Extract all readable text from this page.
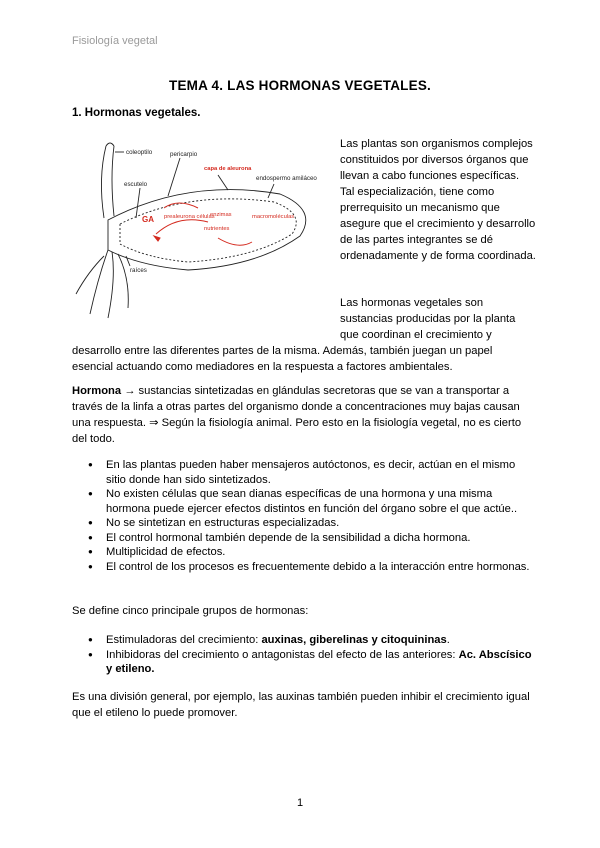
Fisiología vegetal
TEMA 4. LAS HORMONAS VEGETALES.
1. Hormonas vegetales.
coleoptilo	pericarpio
escutelo
endospermo amiláceo
raíces
capa de aleurona
prealeurona células
enzimas
nutrientes
macromoléculas
GA

Las plantas son organismos complejos constituidos por diversos órganos que llevan a cabo funciones específicas. Tal especialización, tiene como prerrequisito un mecanismo que asegure que el crecimiento y desarrollo de las partes integrantes se dé ordenadamente y de forma coordinada.

Las hormonas vegetales son sustancias producidas por la planta que coordinan el crecimiento y

desarrollo entre las diferentes partes de la misma. Además, también juegan un papel esencial actuando como mediadores en la respuesta a factores ambientales.

Hormona → sustancias sintetizadas en glándulas secretoras que se van a transportar a través de la linfa a otras partes del organismo donde a concentraciones muy bajas causan una respuesta. ⇒ Según la fisiología animal. Pero esto en la fisiología vegetal, no es cierto del todo.

● En las plantas pueden haber mensajeros autóctonos, es decir, actúan en el mismo sitio donde han sido sintetizados.
● No existen células que sean dianas específicas de una hormona y una misma hormona puede ejercer efectos distintos en función del órgano sobre el que actúe..
● No se sintetizan en estructuras especializadas.
● El control hormonal también depende de la sensibilidad a dicha hormona.
● Multiplicidad de efectos.
● El control de los procesos es frecuentemente debido a la interacción entre hormonas.

Se define cinco principale grupos de hormonas:

● Estimuladoras del crecimiento: auxinas, giberelinas y citoquininas.
● Inhibidoras del crecimiento o antagonistas del efecto de las anteriores: Ac. Abscísico y etileno.

Es una división general, por ejemplo, las auxinas también pueden inhibir el crecimiento igual que el etileno lo puede promover.

1
